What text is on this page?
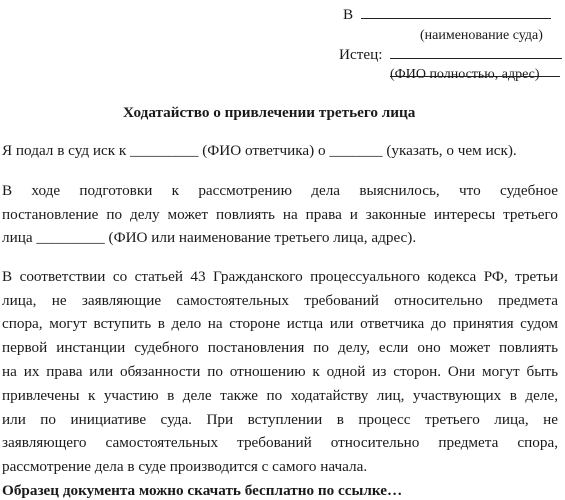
В
(наименование суда)
Истец:
(ФИО полностью, адрес)
Ходатайство о привлечении третьего лица
Я подал в суд иск к _________ (ФИО ответчика) о _______ (указать, о чем иск).
В ходе подготовки к рассмотрению дела выяснилось, что судебное
постановление по делу может повлиять на права и законные интересы третьего
лица _________ (ФИО или наименование третьего лица, адрес).
В соответствии со статьей 43 Гражданского процессуального кодекса РФ, третьи
лица, не заявляющие самостоятельных требований относительно предмета
спора, могут вступить в дело на стороне истца или ответчика до принятия судом
первой инстанции судебного постановления по делу, если оно может повлиять
на их права или обязанности по отношению к одной из сторон. Они могут быть
привлечены к участию в деле также по ходатайству лиц, участвующих в деле,
или по инициативе суда. При вступлении в процесс третьего лица, не
заявляющего самостоятельных требований относительно предмета спора,
рассмотрение дела в суде производится с самого начала.
Образец документа можно скачать бесплатно по ссылке…
